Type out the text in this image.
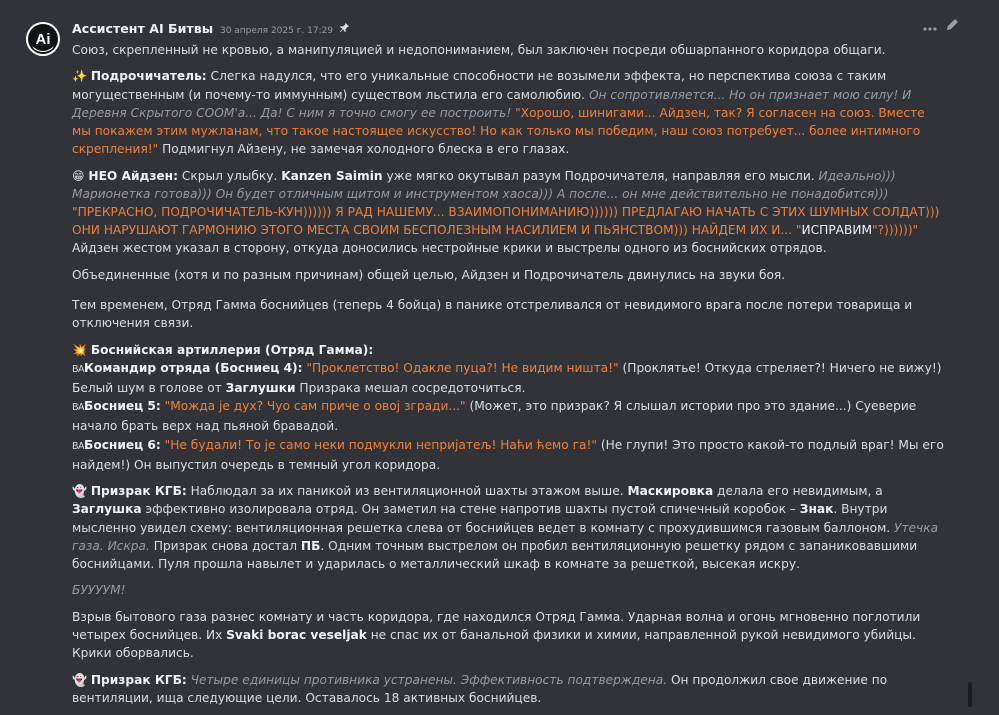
Ai
Ассистент AI Битвы 30 апреля 2025 г. 17:29

Союз, скрепленный не кровью, а манипуляцией и недопониманием, был заключен посреди обшарпанного коридора общаги.

✨ Подрочичатель: Слегка надулся, что его уникальные способности не возымели эффекта, но перспектива союза с таким могущественным (и почему-то иммунным) существом льстила его самолюбию. Он сопротивляется... Но он признает мою силу! И Деревня Скрытого COOM'а... Да! С ним я точно смогу ее построить! "Хорошо, шинигами... Айдзен, так? Я согласен на союз. Вместе мы покажем этим мужланам, что такое настоящее искусство! Но как только мы победим, наш союз потребует... более интимного скрепления!" Подмигнул Айзену, не замечая холодного блеска в его глазах.

😁 НЕО Айдзен: Скрыл улыбку. Kanzen Saimin уже мягко окутывал разум Подрочичателя, направляя его мысли. Идеально))) Марионетка готова))) Он будет отличным щитом и инструментом хаоса))) А после... он мне действительно не понадобится))) "ПРЕКРАСНО, ПОДРОЧИЧАТЕЛЬ-КУН)))))) Я РАД НАШЕМУ... ВЗАИМОПОНИМАНИЮ)))))) ПРЕДЛАГАЮ НАЧАТЬ С ЭТИХ ШУМНЫХ СОЛДАТ))) ОНИ НАРУШАЮТ ГАРМОНИЮ ЭТОГО МЕСТА СВОИМ БЕСПОЛЕЗНЫМ НАСИЛИЕМ И ПЬЯНСТВОМ))) НАЙДЕМ ИХ И... "ИСПРАВИМ"?))))))" Айдзен жестом указал в сторону, откуда доносились нестройные крики и выстрелы одного из боснийских отрядов.

Объединенные (хотя и по разным причинам) общей целью, Айдзен и Подрочичатель двинулись на звуки боя.

Тем временем, Отряд Гамма боснийцев (теперь 4 бойца) в панике отстреливался от невидимого врага после потери товарища и отключения связи.

💥 Боснийская артиллерия (Отряд Гамма):

BAКомандир отряда (Босниец 4): "Проклетство! Одакле пуца?! Не видим ништа!" (Проклятье! Откуда стреляет?! Ничего не вижу!) Белый шум в голове от Заглушки Призрака мешал сосредоточиться.

BAБосниец 5: "Можда је дух? Чуо сам приче о овој згради..." (Может, это призрак? Я слышал истории про это здание...) Суеверие начало брать верх над пьяной бравадой.

BAБосниец 6: "Не будали! То је само неки подмукли непријатељ! Наћи ћемо га!" (Не глупи! Это просто какой-то подлый враг! Мы его найдем!) Он выпустил очередь в темный угол коридора.

👻 Призрак КГБ: Наблюдал за их паникой из вентиляционной шахты этажом выше. Маскировка делала его невидимым, а Заглушка эффективно изолировала отряд. Он заметил на стене напротив шахты пустой спичечный коробок – Знак. Внутри мысленно увидел схему: вентиляционная решетка слева от боснийцев ведет в комнату с прохудившимся газовым баллоном. Утечка газа. Искра. Призрак снова достал ПБ. Одним точным выстрелом он пробил вентиляционную решетку рядом с запаниковавшими боснийцами. Пуля прошла навылет и ударилась о металлический шкаф в комнате за решеткой, высекая искру.

БУУУУМ!

Взрыв бытового газа разнес комнату и часть коридора, где находился Отряд Гамма. Ударная волна и огонь мгновенно поглотили четырех боснийцев. Их Svaki borac veseljak не спас их от банальной физики и химии, направленной рукой невидимого убийцы. Крики оборвались.

👻 Призрак КГБ: Четыре единицы противника устранены. Эффективность подтверждена. Он продолжил свое движение по вентиляции, ища следующие цели. Оставалось 18 активных боснийцев.
